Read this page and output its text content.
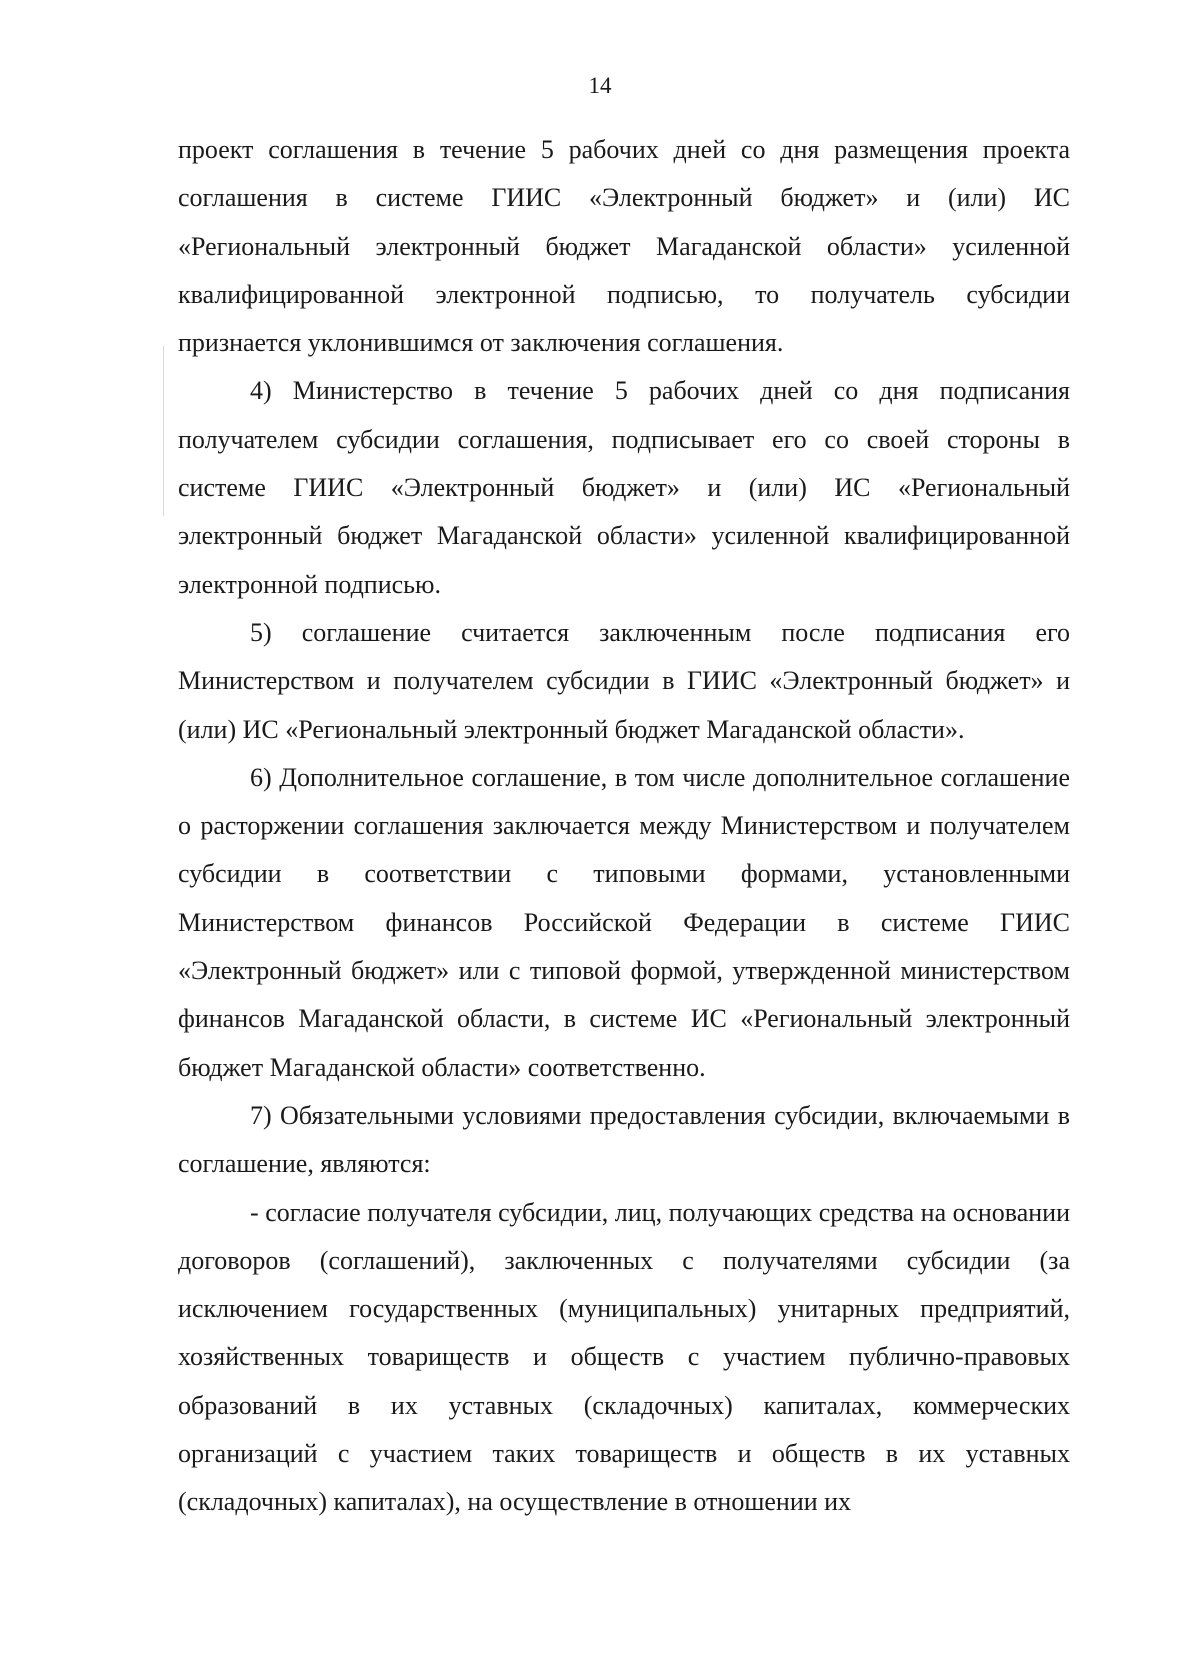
14

проект соглашения в течение 5 рабочих дней со дня размещения проекта соглашения в системе ГИИС «Электронный бюджет» и (или) ИС «Региональный электронный бюджет Магаданской области» усиленной квалифицированной электронной подписью, то получатель субсидии признается уклонившимся от заключения соглашения.

4) Министерство в течение 5 рабочих дней со дня подписания получателем субсидии соглашения, подписывает его со своей стороны в системе ГИИС «Электронный бюджет» и (или) ИС «Региональный электронный бюджет Магаданской области» усиленной квалифицированной электронной подписью.

5) соглашение считается заключенным после подписания его Министерством и получателем субсидии в ГИИС «Электронный бюджет» и (или) ИС «Региональный электронный бюджет Магаданской области».

6) Дополнительное соглашение, в том числе дополнительное соглашение о расторжении соглашения заключается между Министерством и получателем субсидии в соответствии с типовыми формами, установленными Министерством финансов Российской Федерации в системе ГИИС «Электронный бюджет» или с типовой формой, утвержденной министерством финансов Магаданской области, в системе ИС «Региональный электронный бюджет Магаданской области» соответственно.

7) Обязательными условиями предоставления субсидии, включаемыми в соглашение, являются:

- согласие получателя субсидии, лиц, получающих средства на основании договоров (соглашений), заключенных с получателями субсидии (за исключением государственных (муниципальных) унитарных предприятий, хозяйственных товариществ и обществ с участием публично-правовых образований в их уставных (складочных) капиталах, коммерческих организаций с участием таких товариществ и обществ в их уставных (складочных) капиталах), на осуществление в отношении их
